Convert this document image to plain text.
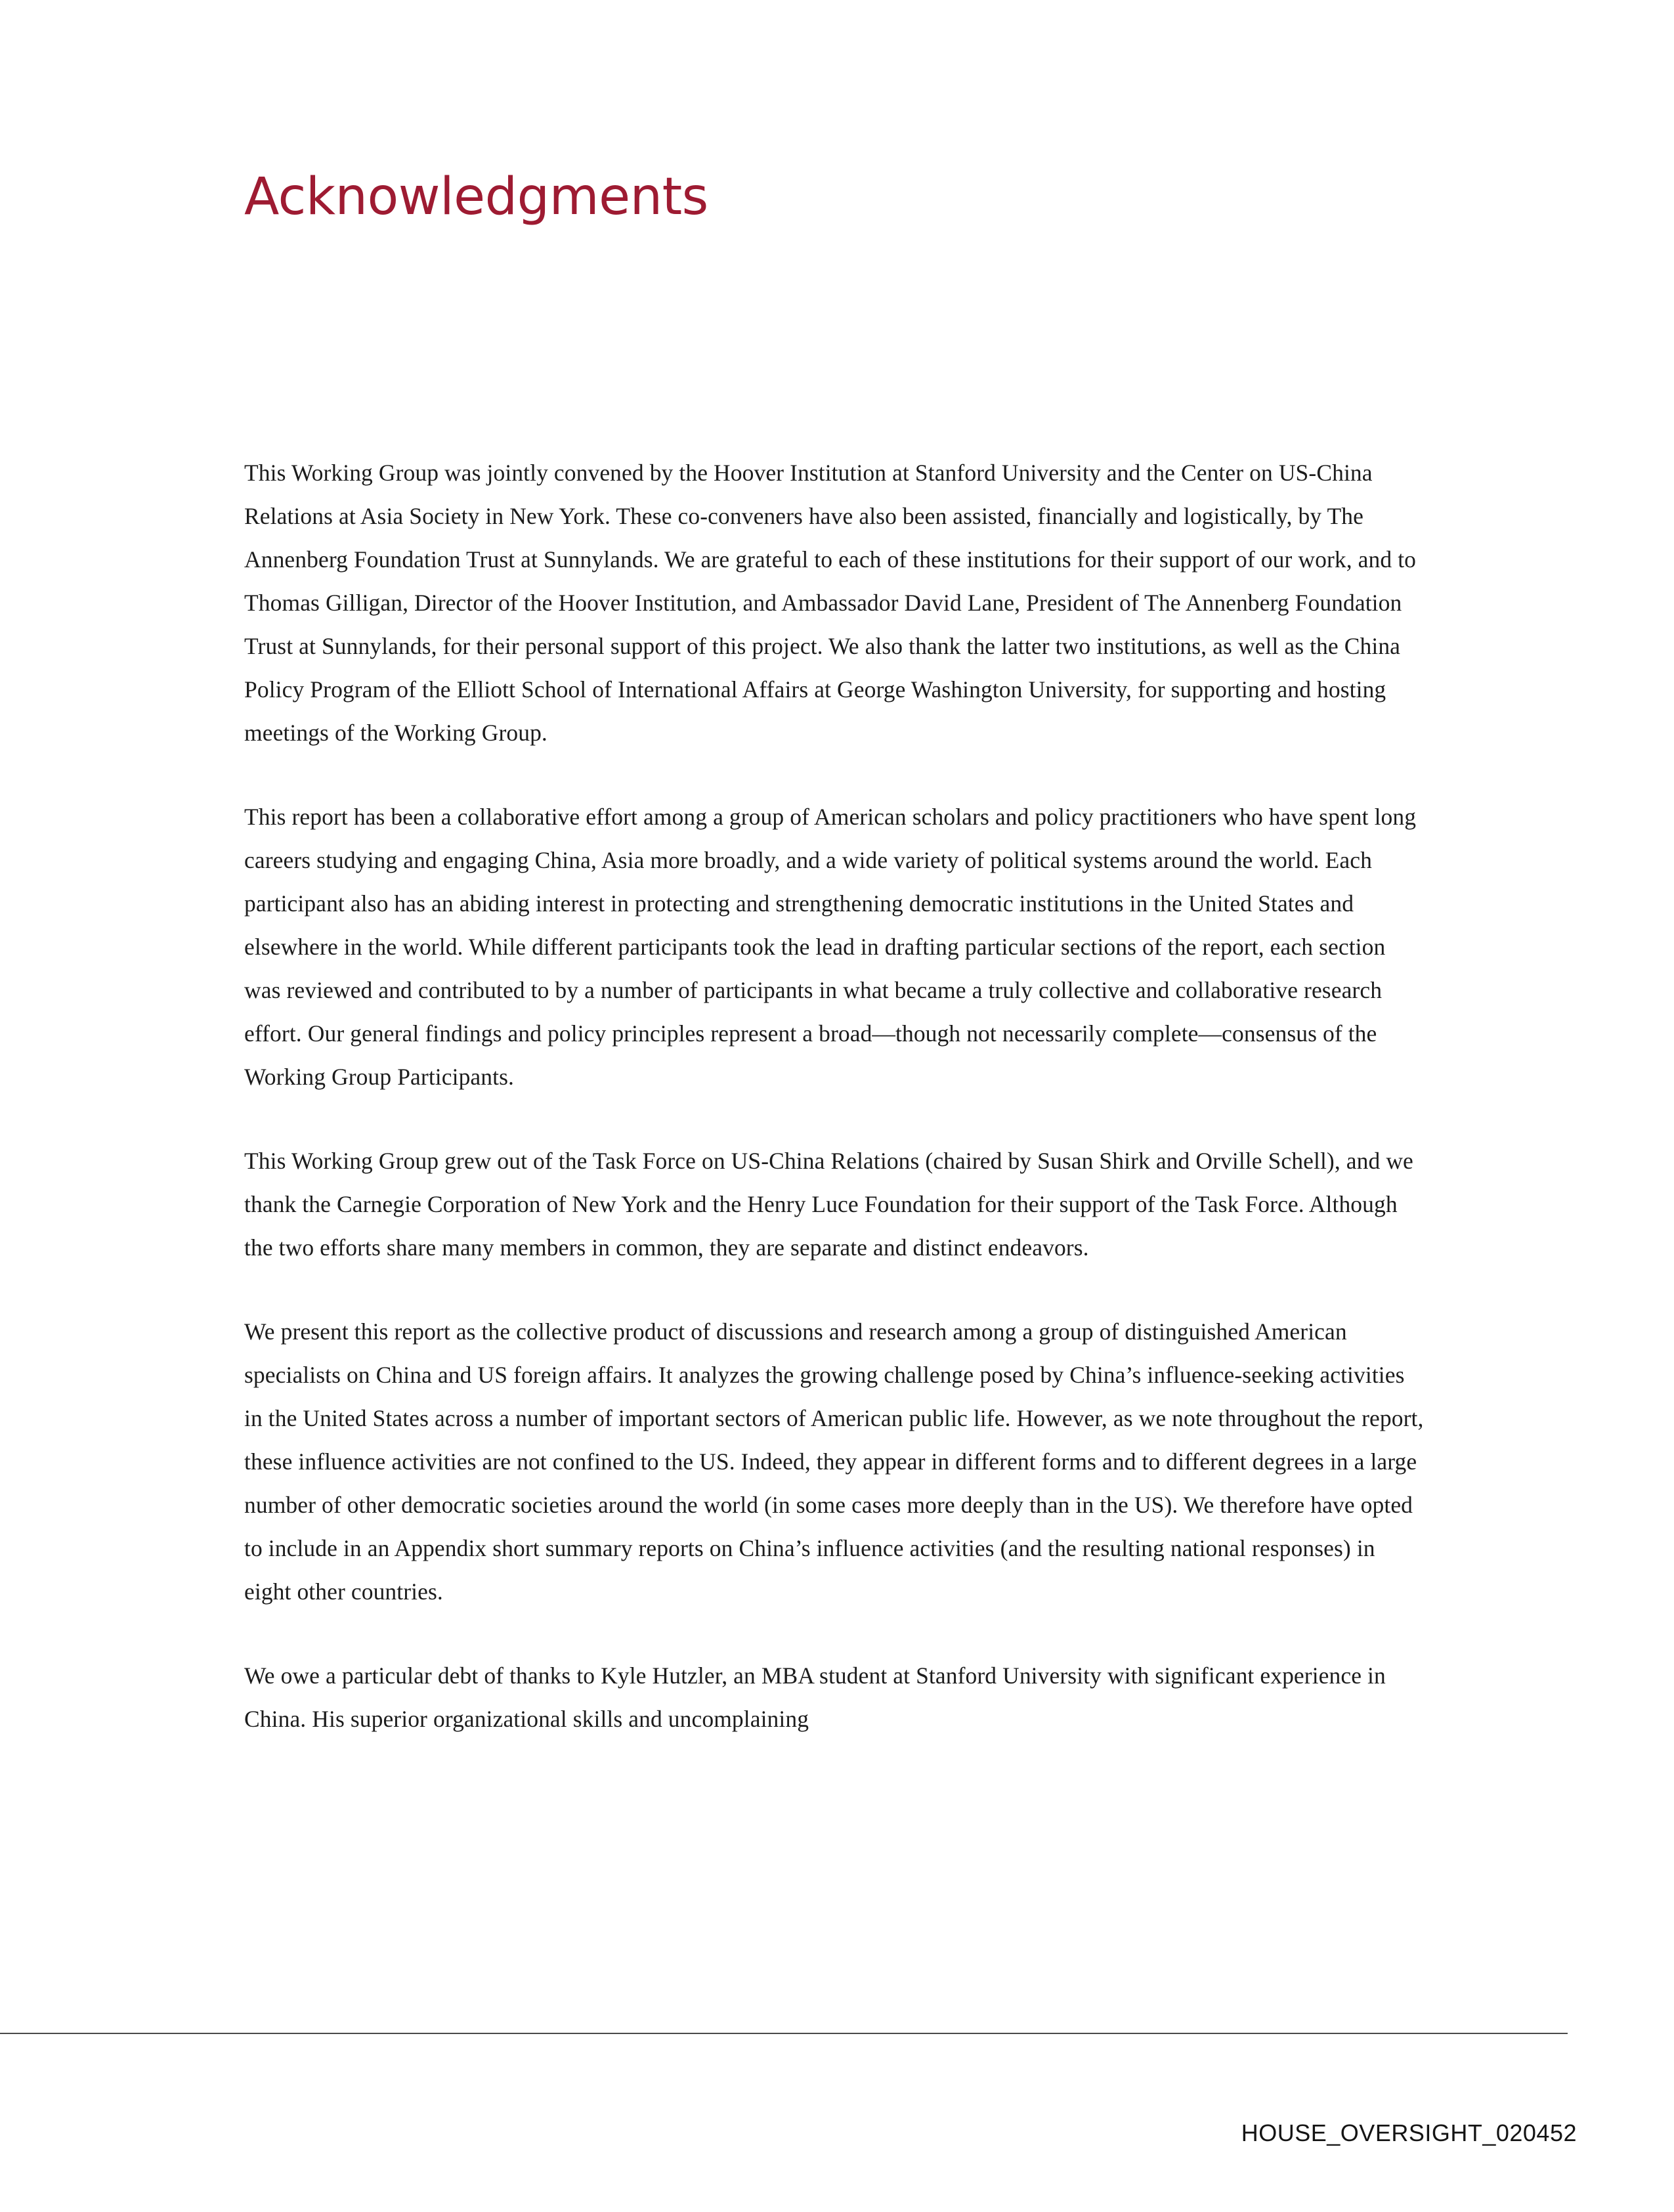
Acknowledgments

This Working Group was jointly convened by the Hoover Institution at Stanford University and the Center on US-China Relations at Asia Society in New York. These co-conveners have also been assisted, financially and logistically, by The Annenberg Foundation Trust at Sunnylands. We are grateful to each of these institutions for their support of our work, and to Thomas Gilligan, Director of the Hoover Institution, and Ambassador David Lane, President of The Annenberg Foundation Trust at Sunnylands, for their personal support of this project. We also thank the latter two institutions, as well as the China Policy Program of the Elliott School of International Affairs at George Washington University, for supporting and hosting meetings of the Working Group.

This report has been a collaborative effort among a group of American scholars and policy practitioners who have spent long careers studying and engaging China, Asia more broadly, and a wide variety of political systems around the world. Each participant also has an abiding interest in protecting and strengthening democratic institutions in the United States and elsewhere in the world. While different participants took the lead in drafting particular sections of the report, each section was reviewed and contributed to by a number of participants in what became a truly collective and collaborative research effort. Our general findings and policy principles represent a broad—though not necessarily complete—consensus of the Working Group Participants.

This Working Group grew out of the Task Force on US-China Relations (chaired by Susan Shirk and Orville Schell), and we thank the Carnegie Corporation of New York and the Henry Luce Foundation for their support of the Task Force. Although the two efforts share many members in common, they are separate and distinct endeavors.

We present this report as the collective product of discussions and research among a group of distinguished American specialists on China and US foreign affairs. It analyzes the growing challenge posed by China’s influence-seeking activities in the United States across a number of important sectors of American public life. However, as we note throughout the report, these influence activities are not confined to the US. Indeed, they appear in different forms and to different degrees in a large number of other democratic societies around the world (in some cases more deeply than in the US). We therefore have opted to include in an Appendix short summary reports on China’s influence activities (and the resulting national responses) in eight other countries.

We owe a particular debt of thanks to Kyle Hutzler, an MBA student at Stanford University with significant experience in China. His superior organizational skills and uncomplaining

HOUSE_OVERSIGHT_020452
